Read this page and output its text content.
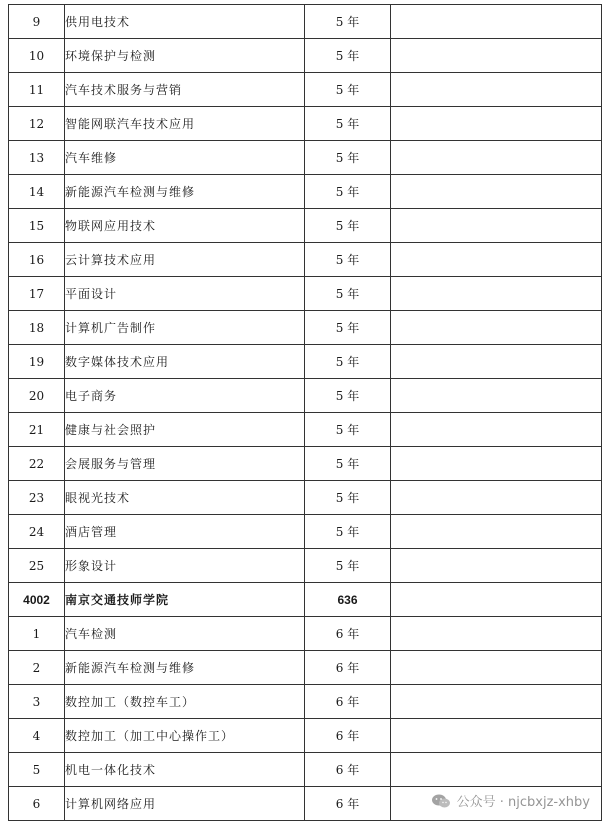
9	供用电技术	5 年	
10	环境保护与检测	5 年	
11	汽车技术服务与营销	5 年	
12	智能网联汽车技术应用	5 年	
13	汽车维修	5 年	
14	新能源汽车检测与维修	5 年	
15	物联网应用技术	5 年	
16	云计算技术应用	5 年	
17	平面设计	5 年	
18	计算机广告制作	5 年	
19	数字媒体技术应用	5 年	
20	电子商务	5 年	
21	健康与社会照护	5 年	
22	会展服务与管理	5 年	
23	眼视光技术	5 年	
24	酒店管理	5 年	
25	形象设计	5 年	
4002	南京交通技师学院	636	
1	汽车检测	6 年	
2	新能源汽车检测与维修	6 年	
3	数控加工（数控车工）	6 年	
4	数控加工（加工中心操作工）	6 年	
5	机电一体化技术	6 年	
6	计算机网络应用	6 年		公众号 · njcbxjz-xhby
